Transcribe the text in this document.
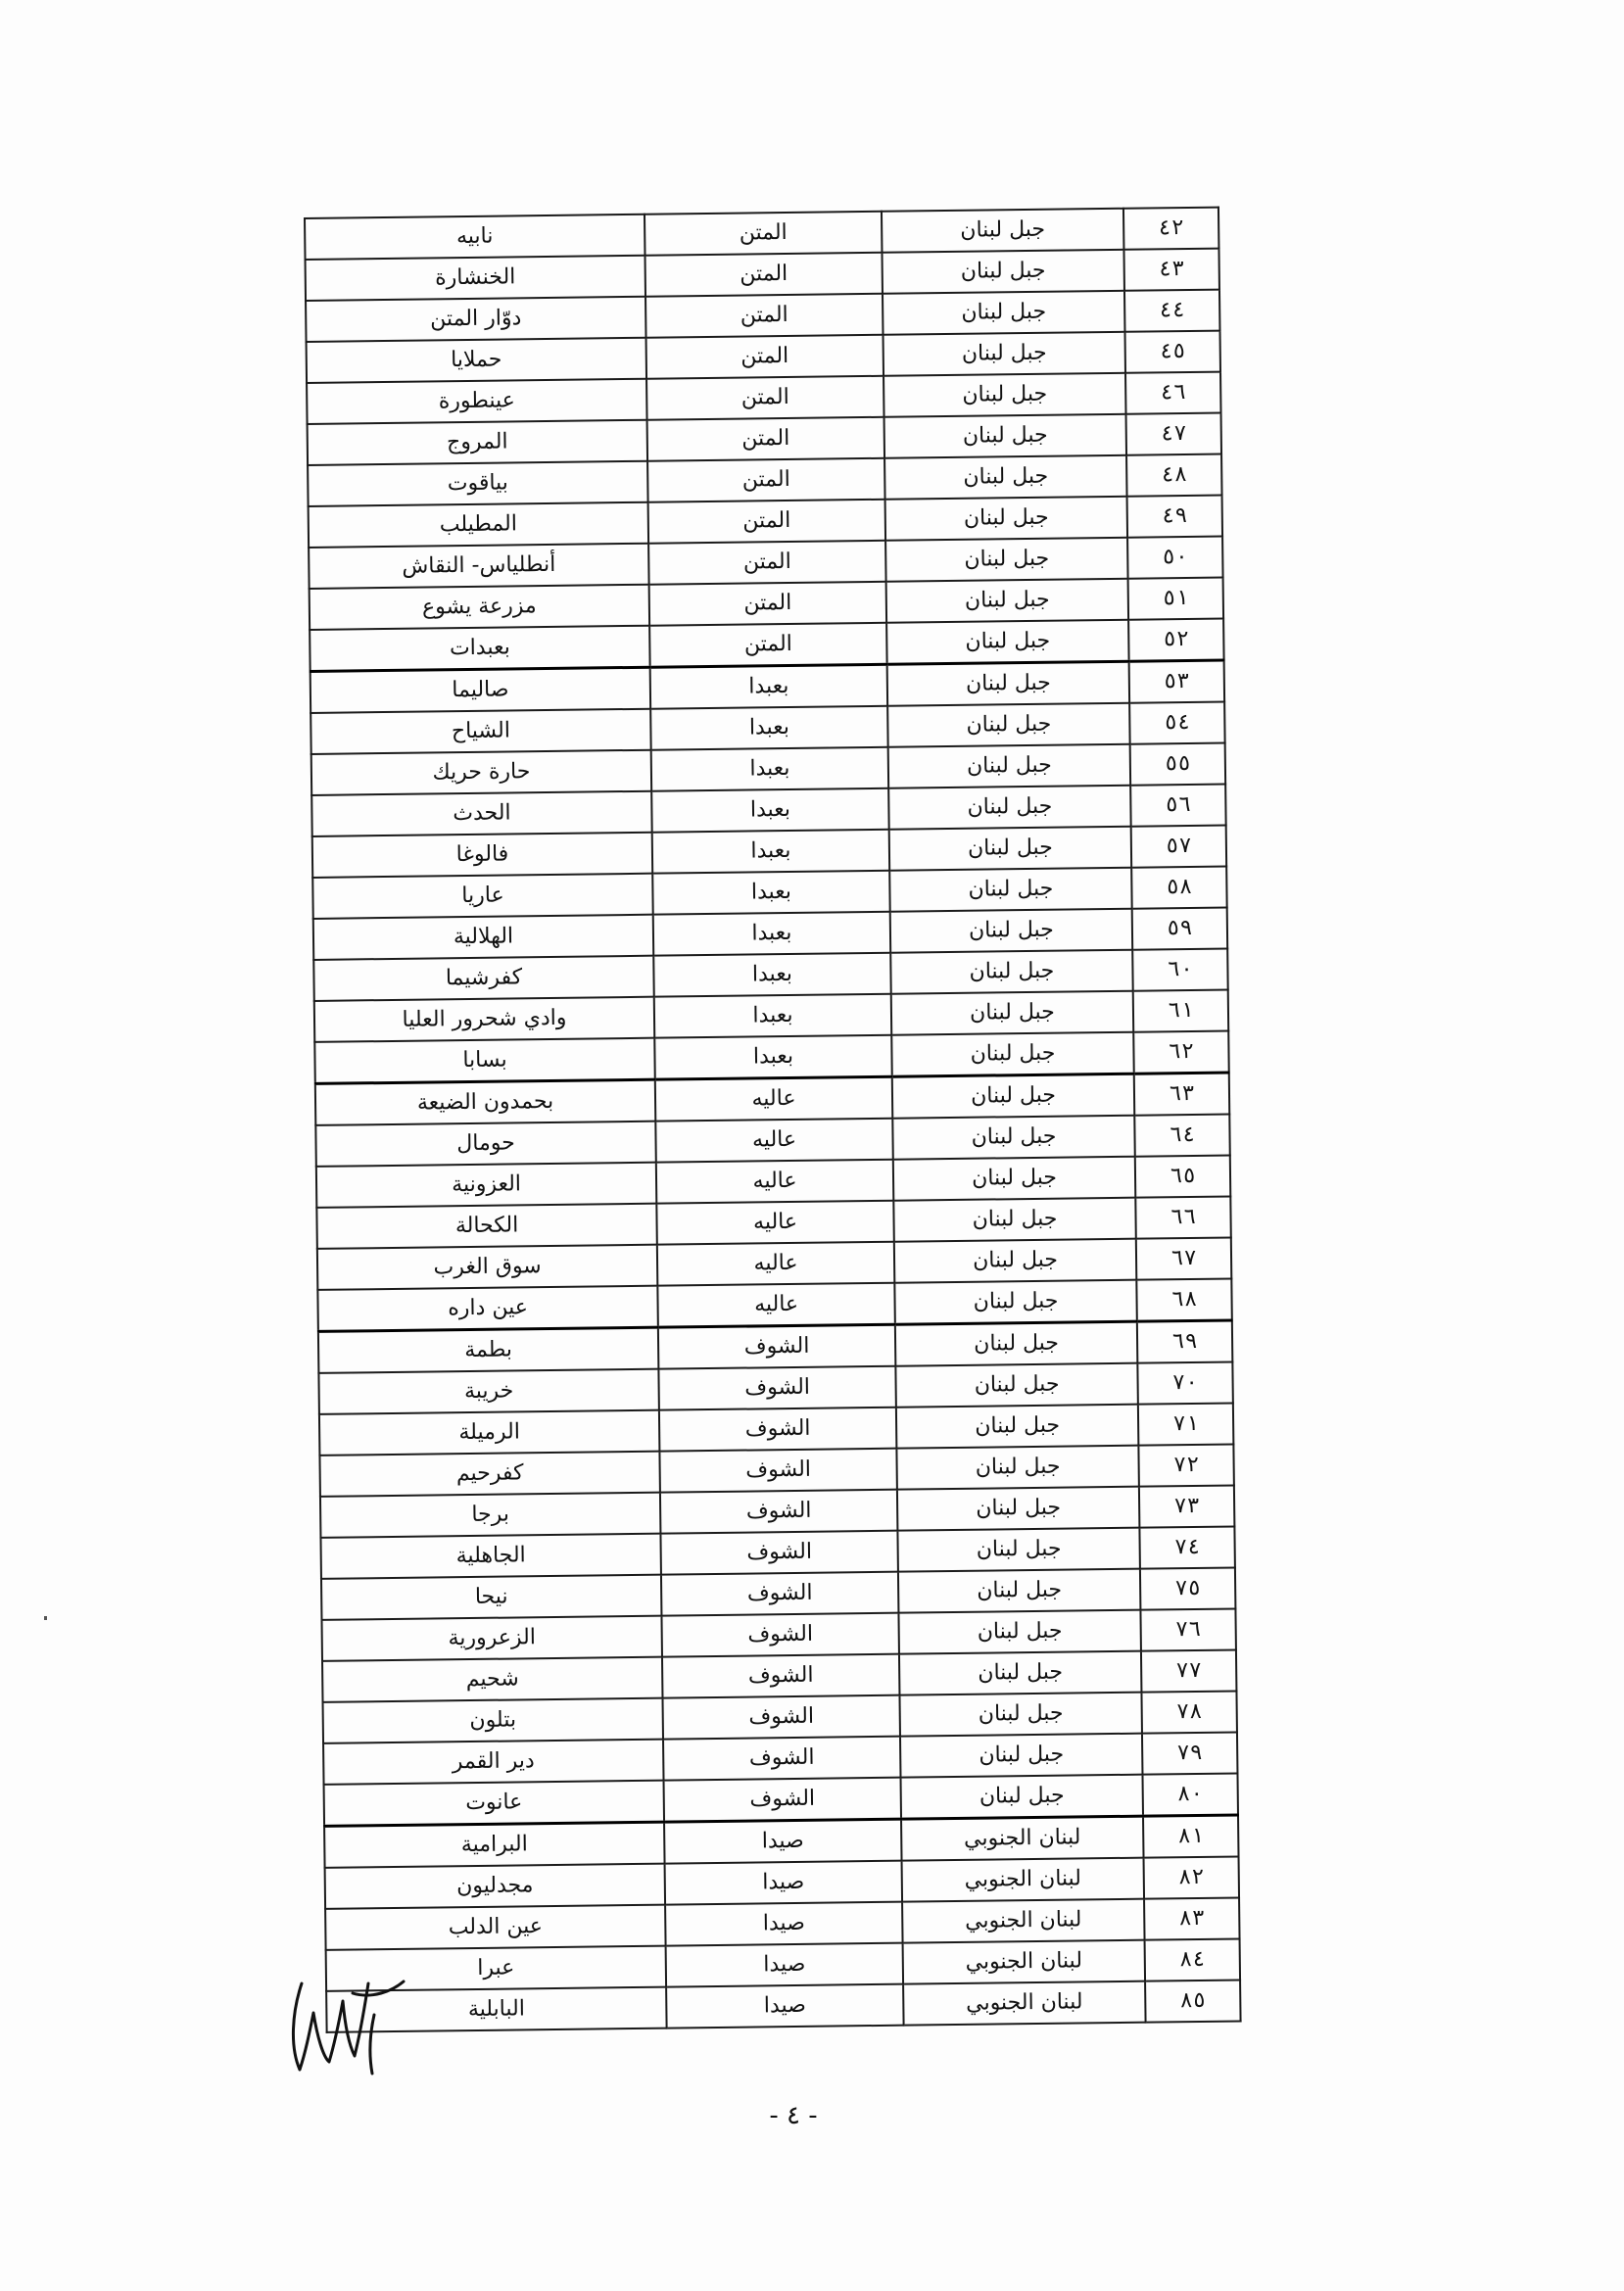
نابيه	المتن	جبل لبنان	٤٢
الخنشارة	المتن	جبل لبنان	٤٣
دوّار المتن	المتن	جبل لبنان	٤٤
حملايا	المتن	جبل لبنان	٤٥
عينطورة	المتن	جبل لبنان	٤٦
المروج	المتن	جبل لبنان	٤٧
بياقوت	المتن	جبل لبنان	٤٨
المطيلب	المتن	جبل لبنان	٤٩
أنطلياس- النقاش	المتن	جبل لبنان	٥٠
مزرعة يشوع	المتن	جبل لبنان	٥١
بعبدات	المتن	جبل لبنان	٥٢
صاليما	بعبدا	جبل لبنان	٥٣
الشياح	بعبدا	جبل لبنان	٥٤
حارة حريك	بعبدا	جبل لبنان	٥٥
الحدث	بعبدا	جبل لبنان	٥٦
فالوغا	بعبدا	جبل لبنان	٥٧
عاريا	بعبدا	جبل لبنان	٥٨
الهلالية	بعبدا	جبل لبنان	٥٩
كفرشيما	بعبدا	جبل لبنان	٦٠
وادي شحرور العليا	بعبدا	جبل لبنان	٦١
بسابا	بعبدا	جبل لبنان	٦٢
بحمدون الضيعة	عاليه	جبل لبنان	٦٣
حومال	عاليه	جبل لبنان	٦٤
العزونية	عاليه	جبل لبنان	٦٥
الكحالة	عاليه	جبل لبنان	٦٦
سوق الغرب	عاليه	جبل لبنان	٦٧
عين داره	عاليه	جبل لبنان	٦٨
بطمة	الشوف	جبل لبنان	٦٩
خريبة	الشوف	جبل لبنان	٧٠
الرميلة	الشوف	جبل لبنان	٧١
كفرحيم	الشوف	جبل لبنان	٧٢
برجا	الشوف	جبل لبنان	٧٣
الجاهلية	الشوف	جبل لبنان	٧٤
نيحا	الشوف	جبل لبنان	٧٥
الزعرورية	الشوف	جبل لبنان	٧٦
شحيم	الشوف	جبل لبنان	٧٧
بتلون	الشوف	جبل لبنان	٧٨
دير القمر	الشوف	جبل لبنان	٧٩
عانوت	الشوف	جبل لبنان	٨٠
البرامية	صيدا	لبنان الجنوبي	٨١
مجدليون	صيدا	لبنان الجنوبي	٨٢
عين الدلب	صيدا	لبنان الجنوبي	٨٣
عبرا	صيدا	لبنان الجنوبي	٨٤
البابلية	صيدا	لبنان الجنوبي	٨٥
- ٤ -
